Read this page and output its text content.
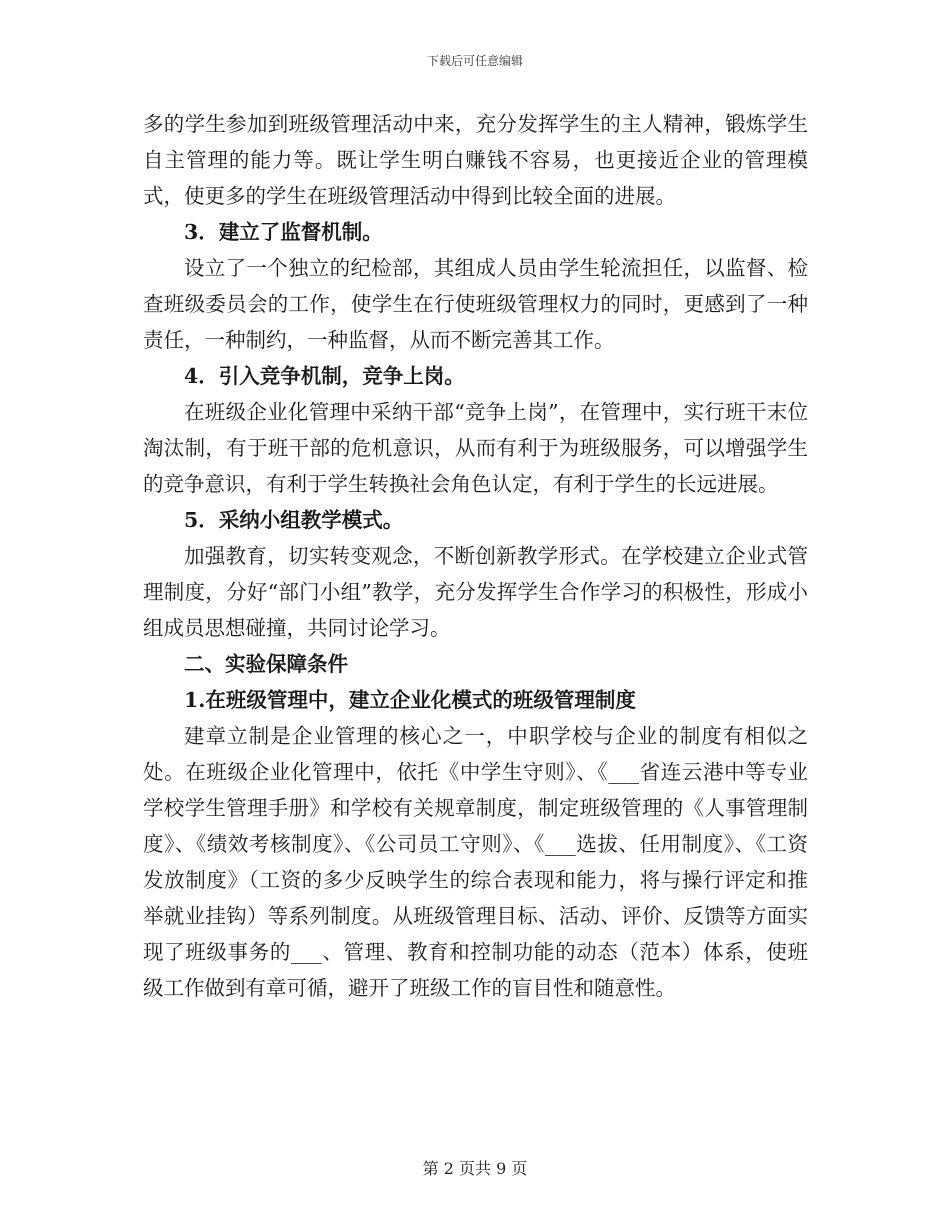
下载后可任意编辑

多的学生参加到班级管理活动中来，充分发挥学生的主人精神，锻炼学生自主管理的能力等。既让学生明白赚钱不容易，也更接近企业的管理模式，使更多的学生在班级管理活动中得到比较全面的进展。

3．建立了监督机制。

设立了一个独立的纪检部，其组成人员由学生轮流担任，以监督、检查班级委员会的工作，使学生在行使班级管理权力的同时，更感到了一种责任，一种制约，一种监督，从而不断完善其工作。

4．引入竞争机制，竞争上岗。

在班级企业化管理中采纳干部“竞争上岗”，在管理中，实行班干末位淘汰制，有于班干部的危机意识，从而有利于为班级服务，可以增强学生的竞争意识，有利于学生转换社会角色认定，有利于学生的长远进展。

5．采纳小组教学模式。

加强教育，切实转变观念，不断创新教学形式。在学校建立企业式管理制度，分好“部门小组”教学，充分发挥学生合作学习的积极性，形成小组成员思想碰撞，共同讨论学习。

二、实验保障条件

1.在班级管理中，建立企业化模式的班级管理制度

建章立制是企业管理的核心之一，中职学校与企业的制度有相似之处。在班级企业化管理中，依托《中学生守则》、《___省连云港中等专业学校学生管理手册》和学校有关规章制度，制定班级管理的《人事管理制度》、《绩效考核制度》、《公司员工守则》、《___选拔、任用制度》、《工资发放制度》（工资的多少反映学生的综合表现和能力，将与操行评定和推举就业挂钩）等系列制度。从班级管理目标、活动、评价、反馈等方面实现了班级事务的___、管理、教育和控制功能的动态（范本）体系，使班级工作做到有章可循，避开了班级工作的盲目性和随意性。

第 2 页共 9 页
